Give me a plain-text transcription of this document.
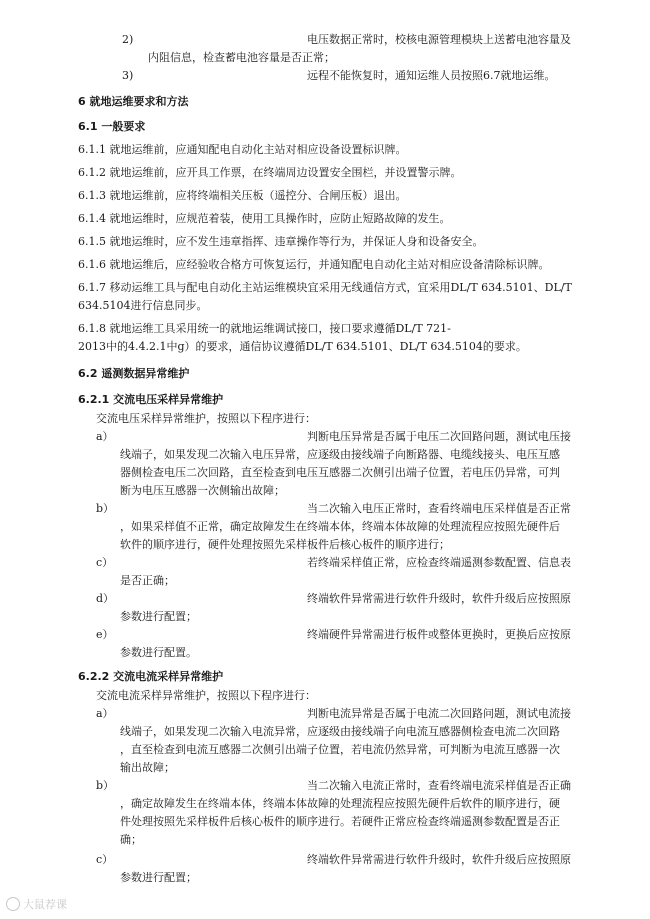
2)	电压数据正常时，校核电源管理模块上送蓄电池容量及
内阻信息，检查蓄电池容量是否正常；
3)	远程不能恢复时，通知运维人员按照6.7就地运维。
6 就地运维要求和方法
6.1 一般要求
6.1.1 就地运维前，应通知配电自动化主站对相应设备设置标识牌。
6.1.2 就地运维前，应开具工作票，在终端周边设置安全围栏，并设置警示牌。
6.1.3 就地运维前，应将终端相关压板（遥控分、合闸压板）退出。
6.1.4 就地运维时，应规范着装，使用工具操作时，应防止短路故障的发生。
6.1.5 就地运维时，应不发生违章指挥、违章操作等行为，并保证人身和设备安全。
6.1.6 就地运维后，应经验收合格方可恢复运行，并通知配电自动化主站对相应设备清除标识牌。
6.1.7 移动运维工具与配电自动化主站运维模块宜采用无线通信方式，宜采用DL/T 634.5101、DL/T
634.5104进行信息同步。
6.1.8 就地运维工具采用统一的就地运维调试接口，接口要求遵循DL/T 721-
2013中的4.4.2.1中g）的要求，通信协议遵循DL/T 634.5101、DL/T 634.5104的要求。
6.2 遥测数据异常维护
6.2.1 交流电压采样异常维护
交流电压采样异常维护，按照以下程序进行：
a）	判断电压异常是否属于电压二次回路问题，测试电压接
线端子，如果发现二次输入电压异常，应逐级由接线端子向断路器、电缆线接头、电压互感
器侧检查电压二次回路，直至检查到电压互感器二次侧引出端子位置，若电压仍异常，可判
断为电压互感器一次侧输出故障；
b）	当二次输入电压正常时，查看终端电压采样值是否正常
，如果采样值不正常，确定故障发生在终端本体，终端本体故障的处理流程应按照先硬件后
软件的顺序进行，硬件处理按照先采样板件后核心板件的顺序进行；
c）	若终端采样值正常，应检查终端遥测参数配置、信息表
是否正确；
d）	终端软件异常需进行软件升级时，软件升级后应按照原
参数进行配置；
e）	终端硬件异常需进行板件或整体更换时，更换后应按原
参数进行配置。
6.2.2 交流电流采样异常维护
交流电流采样异常维护，按照以下程序进行：
a）	判断电流异常是否属于电流二次回路问题，测试电流接
线端子，如果发现二次输入电流异常，应逐级由接线端子向电流互感器侧检查电流二次回路
，直至检查到电流互感器二次侧引出端子位置，若电流仍然异常，可判断为电流互感器一次
输出故障；
b）	当二次输入电流正常时，查看终端电流采样值是否正确
，确定故障发生在终端本体，终端本体故障的处理流程应按照先硬件后软件的顺序进行，硬
件处理按照先采样板件后核心板件的顺序进行。若硬件正常应检查终端遥测参数配置是否正
确；
c）	终端软件异常需进行软件升级时，软件升级后应按照原
参数进行配置；
大鼠荐课
